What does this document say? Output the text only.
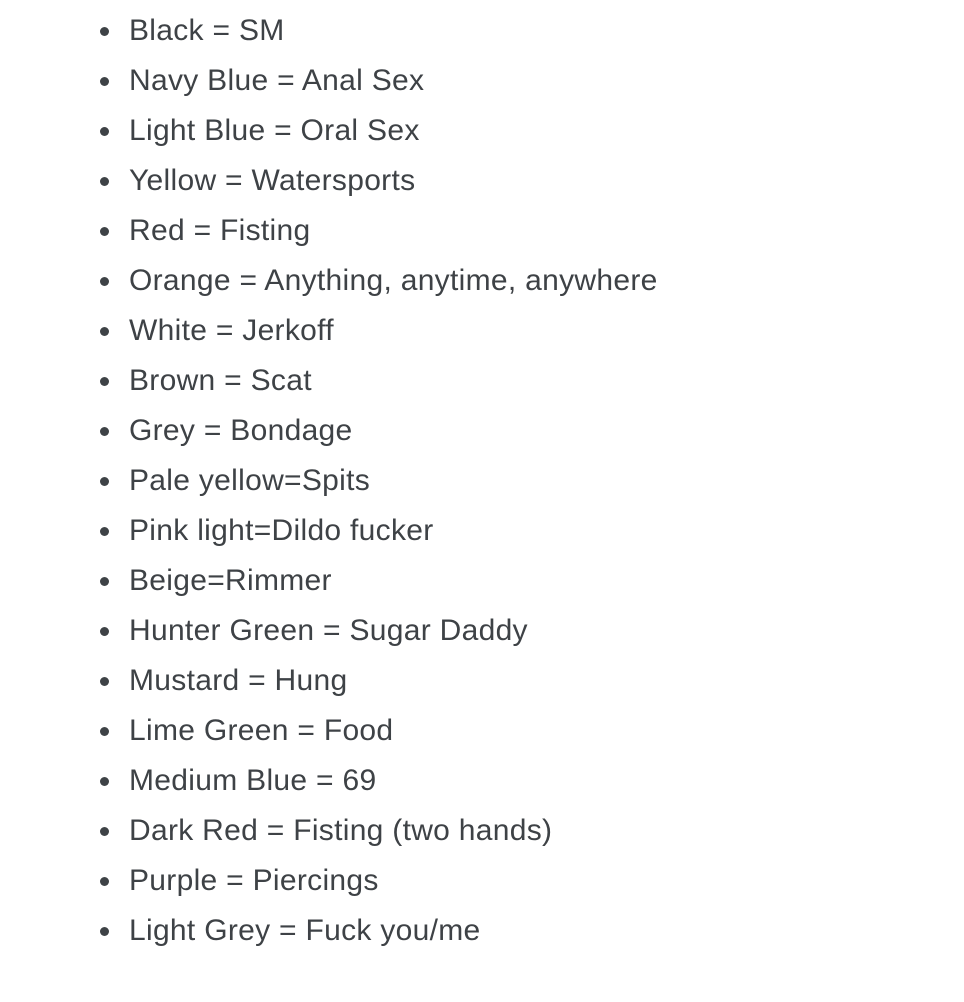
Black = SM
Navy Blue = Anal Sex
Light Blue = Oral Sex
Yellow = Watersports
Red = Fisting
Orange = Anything, anytime, anywhere
White = Jerkoff
Brown = Scat
Grey = Bondage
Pale yellow=Spits
Pink light=Dildo fucker
Beige=Rimmer
Hunter Green = Sugar Daddy
Mustard = Hung
Lime Green = Food
Medium Blue = 69
Dark Red = Fisting (two hands)
Purple = Piercings
Light Grey = Fuck you/me
